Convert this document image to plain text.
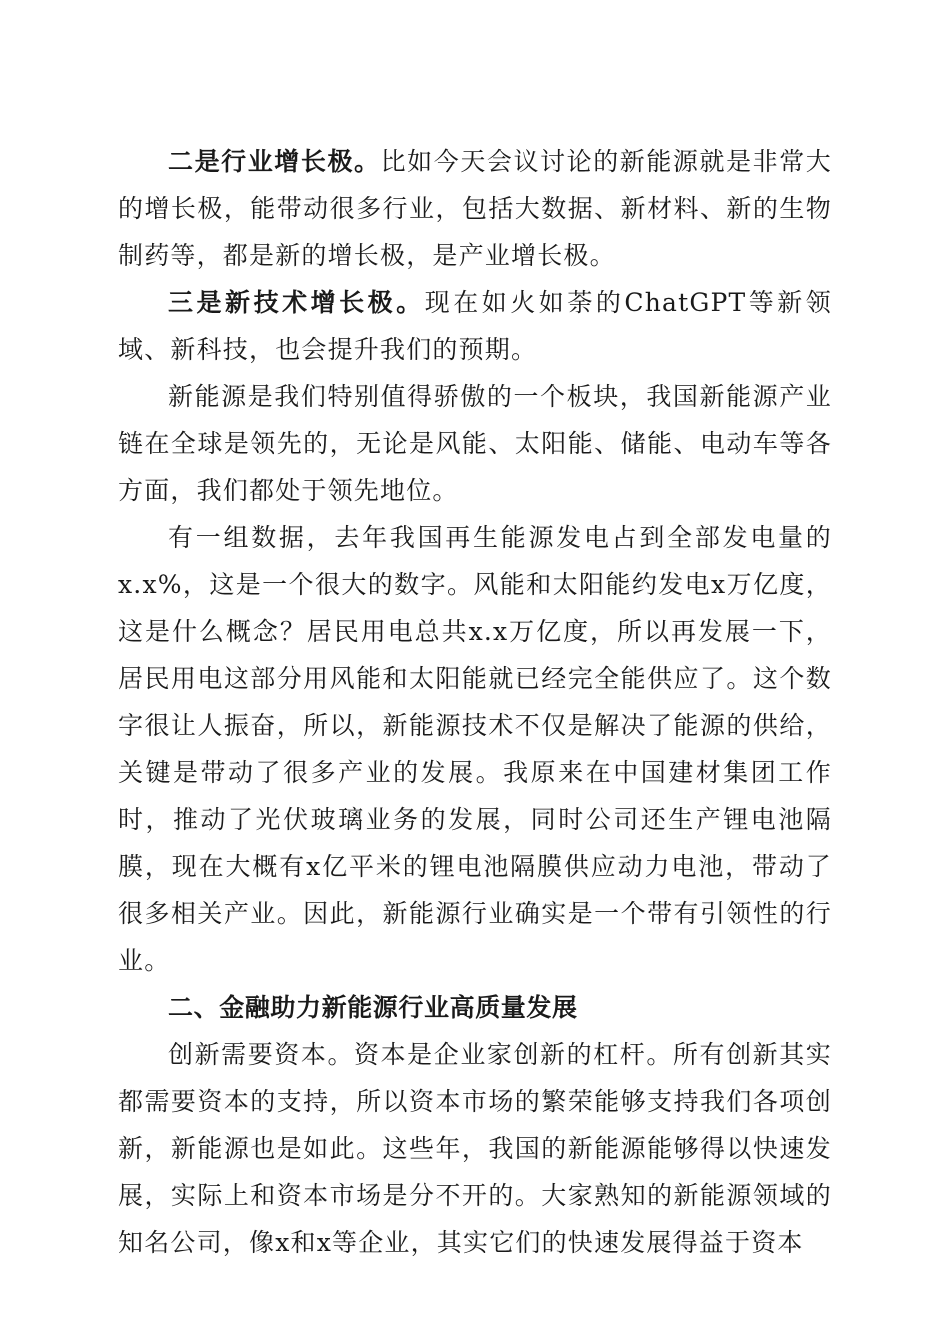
二是行业增长极。比如今天会议讨论的新能源就是非常大的增长极，能带动很多行业，包括大数据、新材料、新的生物制药等，都是新的增长极，是产业增长极。

三是新技术增长极。现在如火如荼的ChatGPT等新领域、新科技，也会提升我们的预期。

新能源是我们特别值得骄傲的一个板块，我国新能源产业链在全球是领先的，无论是风能、太阳能、储能、电动车等各方面，我们都处于领先地位。

有一组数据，去年我国再生能源发电占到全部发电量的x.x%，这是一个很大的数字。风能和太阳能约发电x万亿度，这是什么概念？居民用电总共x.x万亿度，所以再发展一下，居民用电这部分用风能和太阳能就已经完全能供应了。这个数字很让人振奋，所以，新能源技术不仅是解决了能源的供给，关键是带动了很多产业的发展。我原来在中国建材集团工作时，推动了光伏玻璃业务的发展，同时公司还生产锂电池隔膜，现在大概有x亿平米的锂电池隔膜供应动力电池，带动了很多相关产业。因此，新能源行业确实是一个带有引领性的行业。

二、金融助力新能源行业高质量发展

创新需要资本。资本是企业家创新的杠杆。所有创新其实都需要资本的支持，所以资本市场的繁荣能够支持我们各项创新，新能源也是如此。这些年，我国的新能源能够得以快速发展，实际上和资本市场是分不开的。大家熟知的新能源领域的知名公司，像x和x等企业，其实它们的快速发展得益于资本
